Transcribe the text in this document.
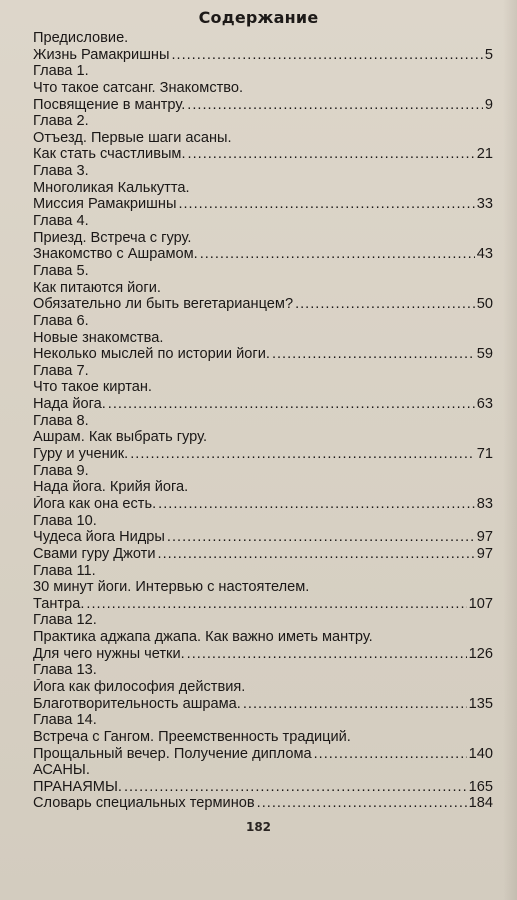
Содержание
Предисловие.
Жизнь Рамакришны .....	5
Глава 1.
Что такое сатсанг. Знакомство.
Посвящение в мантру. .....	9
Глава 2.
Отъезд. Первые шаги асаны.
Как стать счастливым. .....	21
Глава 3.
Многоликая Калькутта.
Миссия Рамакришны .....	33
Глава 4.
Приезд. Встреча с гуру.
Знакомство с Ашрамом. .....	43
Глава 5.
Как питаются йоги.
Обязательно ли быть вегетарианцем? .....	50
Глава 6.
Новые знакомства.
Неколько мыслей по истории йоги. .....	59
Глава 7.
Что такое киртан.
Нада йога. .....	63
Глава 8.
Ашрам. Как выбрать гуру.
Гуру и ученик. .....	71
Глава 9.
Нада йога. Крийя йога.
Йога как она есть. .....	83
Глава 10.
Чудеса йога Нидры .....	97
Свами гуру Джоти .....	97
Глава 11.
30 минут йоги. Интервью с настоятелем.
Тантра. .....	107
Глава 12.
Практика аджапа джапа. Как важно иметь мантру.
Для чего нужны четки. .....	126
Глава 13.
Йога как философия действия.
Благотворительность ашрама. .....	135
Глава 14.
Встреча с Гангом. Преемственность традиций.
Прощальный вечер. Получение диплома .....	140
АСАНЫ.
ПРАНАЯМЫ. .....	165
Словарь специальных терминов .....	184
182
